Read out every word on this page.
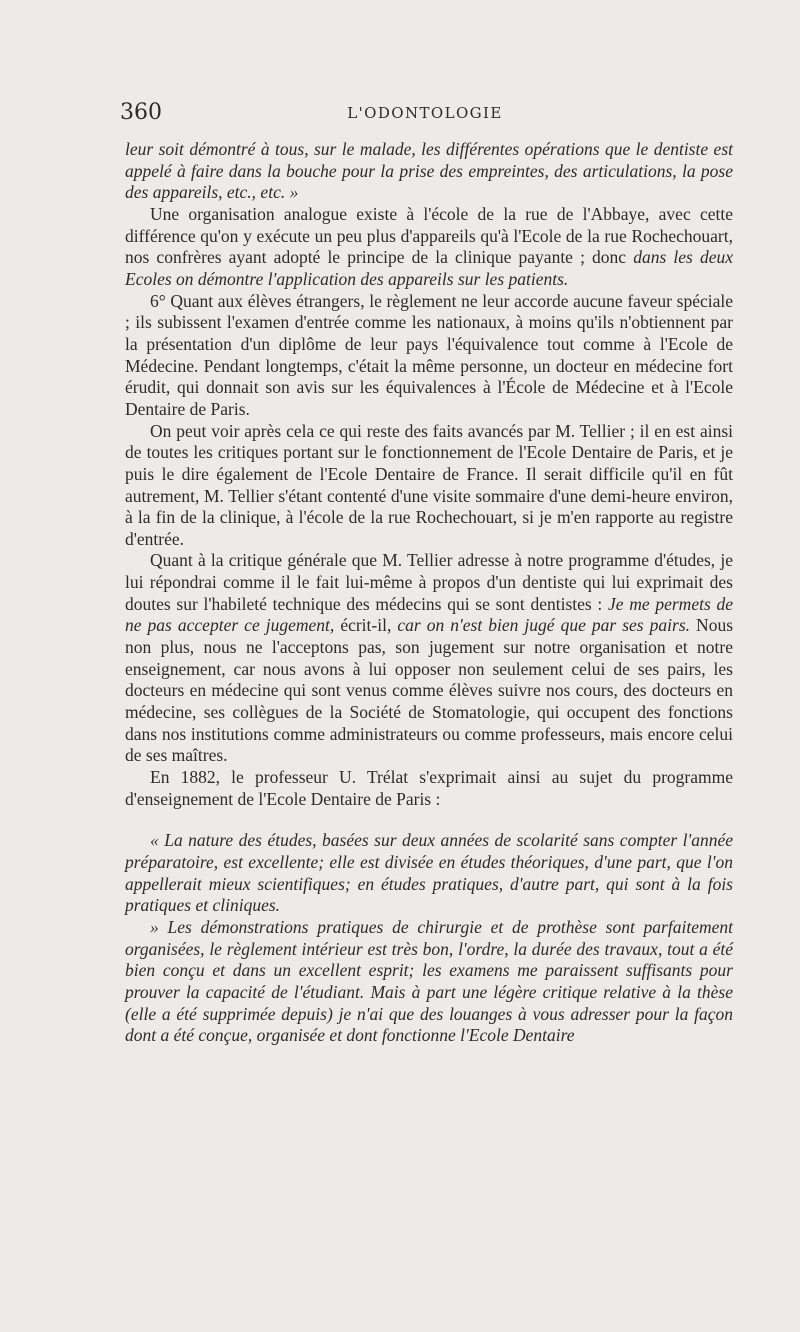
360	L'ODONTOLOGIE

leur soit démontré à tous, sur le malade, les différentes opérations que le dentiste est appelé à faire dans la bouche pour la prise des empreintes, des articulations, la pose des appareils, etc., etc. »

Une organisation analogue existe à l'école de la rue de l'Abbaye, avec cette différence qu'on y exécute un peu plus d'appareils qu'à l'Ecole de la rue Rochechouart, nos confrères ayant adopté le principe de la clinique payante ; donc dans les deux Ecoles on démontre l'application des appareils sur les patients.

6° Quant aux élèves étrangers, le règlement ne leur accorde aucune faveur spéciale ; ils subissent l'examen d'entrée comme les nationaux, à moins qu'ils n'obtiennent par la présentation d'un diplôme de leur pays l'équivalence tout comme à l'Ecole de Médecine. Pendant longtemps, c'était la même personne, un docteur en médecine fort érudit, qui donnait son avis sur les équivalences à l'École de Médecine et à l'Ecole Dentaire de Paris.

On peut voir après cela ce qui reste des faits avancés par M. Tellier ; il en est ainsi de toutes les critiques portant sur le fonctionnement de l'Ecole Dentaire de Paris, et je puis le dire également de l'Ecole Dentaire de France. Il serait difficile qu'il en fût autrement, M. Tellier s'étant contenté d'une visite sommaire d'une demi-heure environ, à la fin de la clinique, à l'école de la rue Rochechouart, si je m'en rapporte au registre d'entrée.

Quant à la critique générale que M. Tellier adresse à notre programme d'études, je lui répondrai comme il le fait lui-même à propos d'un dentiste qui lui exprimait des doutes sur l'habileté technique des médecins qui se sont dentistes : Je me permets de ne pas accepter ce jugement, écrit-il, car on n'est bien jugé que par ses pairs. Nous non plus, nous ne l'acceptons pas, son jugement sur notre organisation et notre enseignement, car nous avons à lui opposer non seulement celui de ses pairs, les docteurs en médecine qui sont venus comme élèves suivre nos cours, des docteurs en médecine, ses collègues de la Société de Stomatologie, qui occupent des fonctions dans nos institutions comme administrateurs ou comme professeurs, mais encore celui de ses maîtres.

En 1882, le professeur U. Trélat s'exprimait ainsi au sujet du programme d'enseignement de l'Ecole Dentaire de Paris :

« La nature des études, basées sur deux années de scolarité sans compter l'année préparatoire, est excellente; elle est divisée en études théoriques, d'une part, que l'on appellerait mieux scientifiques; en études pratiques, d'autre part, qui sont à la fois pratiques et cliniques.

» Les démonstrations pratiques de chirurgie et de prothèse sont parfaitement organisées, le règlement intérieur est très bon, l'ordre, la durée des travaux, tout a été bien conçu et dans un excellent esprit; les examens me paraissent suffisants pour prouver la capacité de l'étudiant. Mais à part une légère critique relative à la thèse (elle a été supprimée depuis) je n'ai que des louanges à vous adresser pour la façon dont a été conçue, organisée et dont fonctionne l'Ecole Dentaire
